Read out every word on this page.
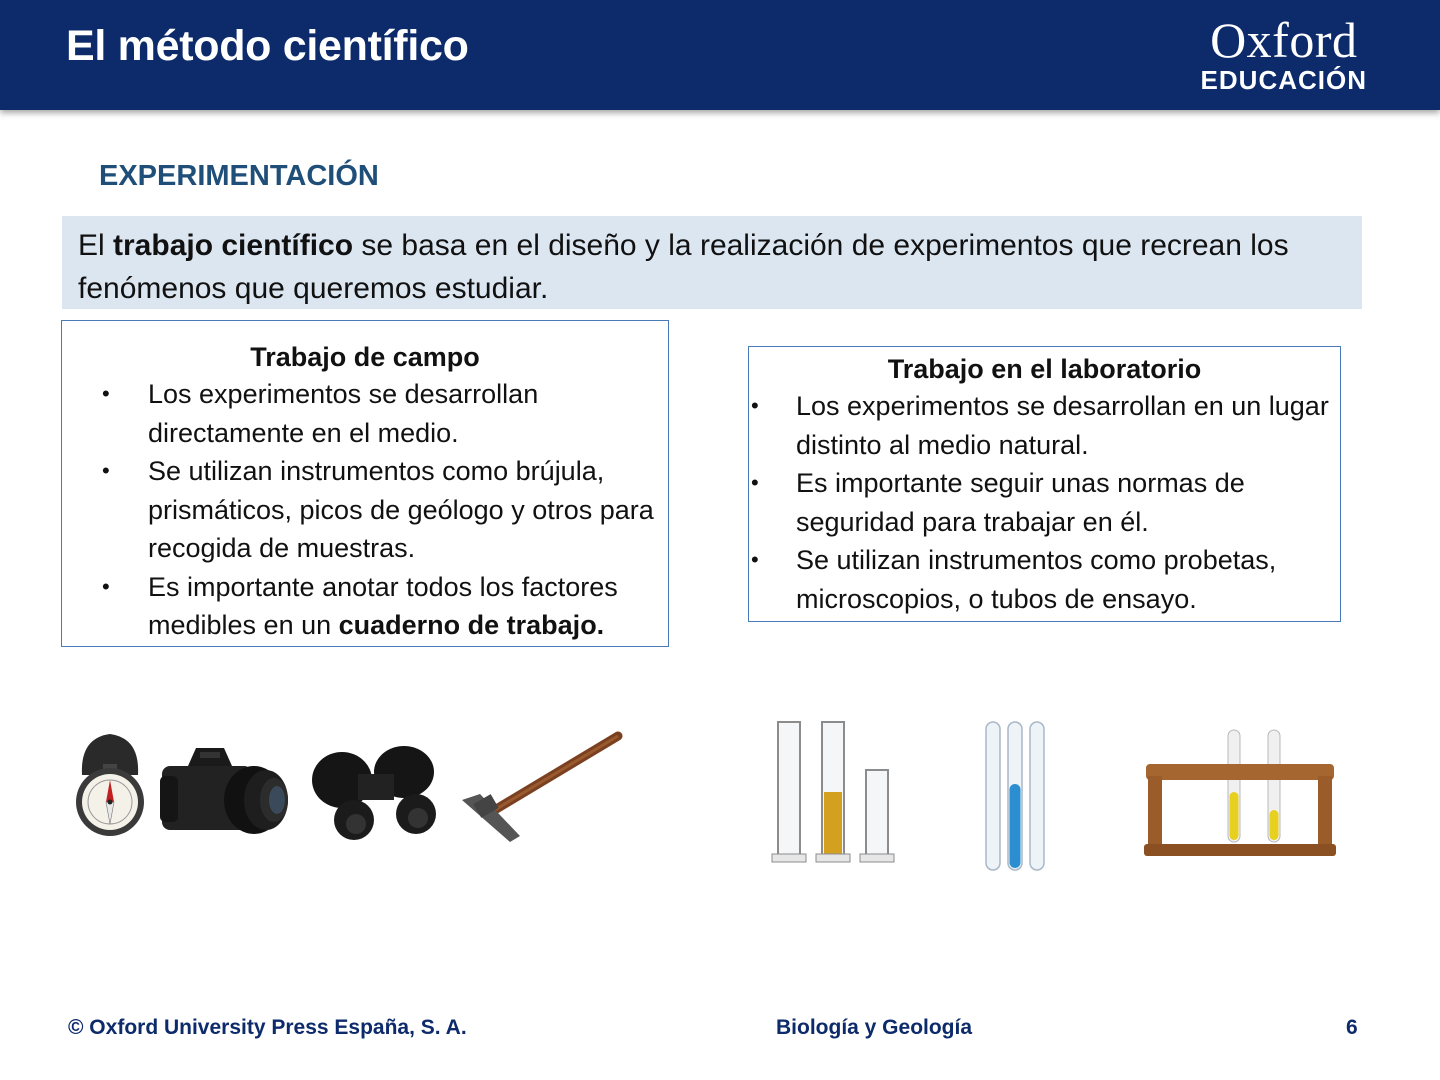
El método científico	Oxford
EDUCACIÓN
EXPERIMENTACIÓN
El trabajo científico se basa en el diseño y la realización de experimentos que recrean los fenómenos que queremos estudiar.
Trabajo de campo
• Los experimentos se desarrollan directamente en el medio.
• Se utilizan instrumentos como brújula, prismáticos, picos de geólogo y otros para recogida de muestras.
• Es importante anotar todos los factores medibles en un cuaderno de trabajo.
Trabajo en el laboratorio
• Los experimentos se desarrollan en un lugar distinto al medio natural.
• Es importante seguir unas normas de seguridad para trabajar en él.
• Se utilizan instrumentos como probetas, microscopios, o tubos de ensayo.
© Oxford University Press España, S. A.	Biología y Geología	6
